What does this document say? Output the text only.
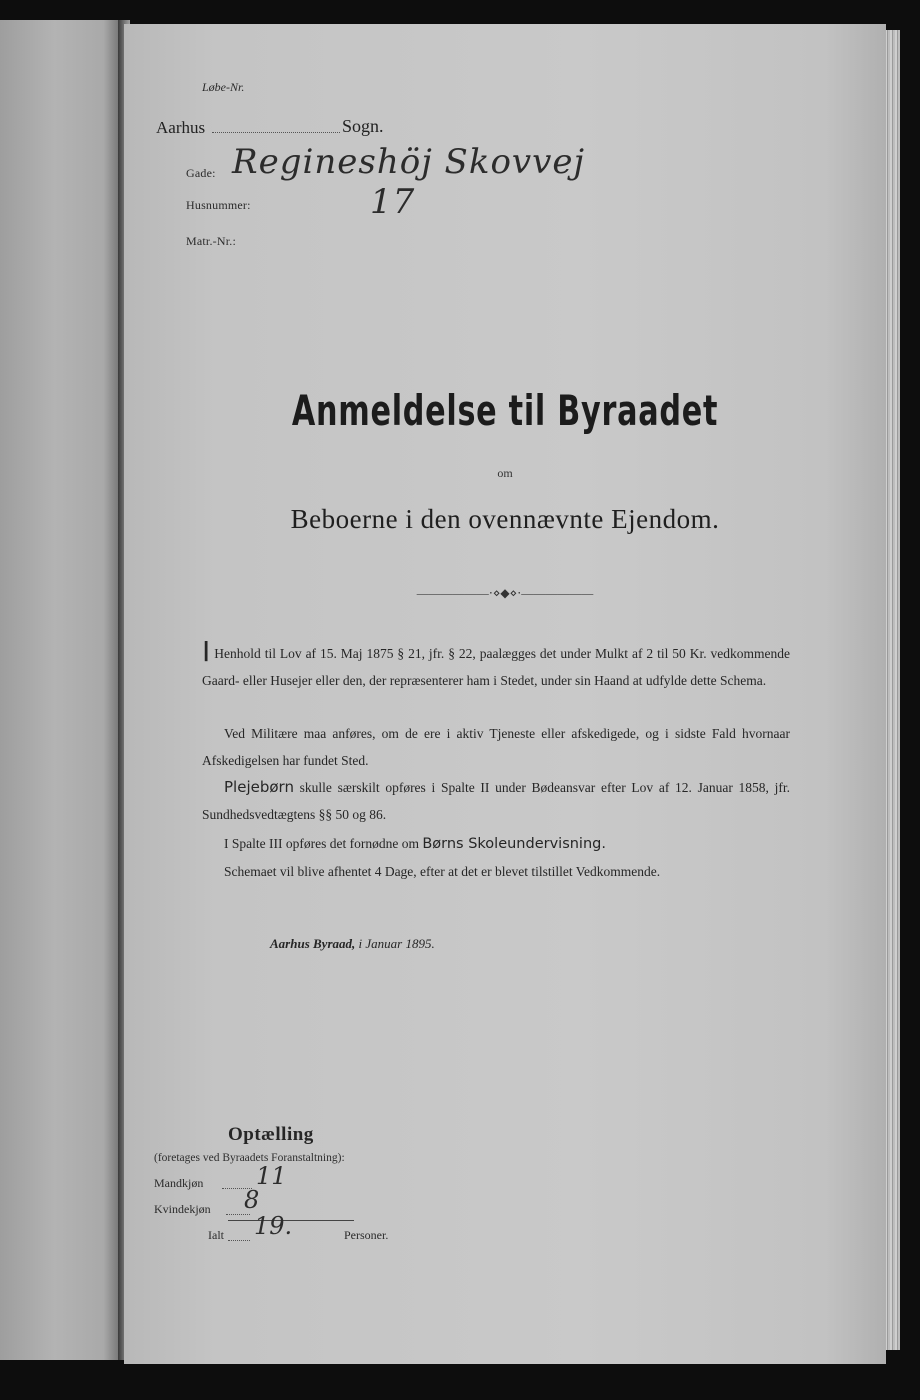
Løbe-Nr.
Aarhus	Sogn.
Gade: Regineshöj Skovvej
Husnummer:	17
Matr.-Nr.:
Anmeldelse til Byraadet
om
Beboerne i den ovennævnte Ejendom.
——————⋅⋄◆⋄⋅——————
I Henhold til Lov af 15. Maj 1875 § 21, jfr. § 22, paalægges det under Mulkt af 2 til 50 Kr. vedkommende Gaard- eller Husejer eller den, der repræsenterer ham i Stedet, under sin Haand at udfylde dette Schema.
Ved Militære maa anføres, om de ere i aktiv Tjeneste eller afskedigede, og i sidste Fald hvornaar Afskedigelsen har fundet Sted.
Plejebørn skulle særskilt opføres i Spalte II under Bødeansvar efter Lov af 12. Januar 1858, jfr. Sundhedsvedtægtens §§ 50 og 86.
I Spalte III opføres det fornødne om Børns Skoleundervisning.
Schemaet vil blive afhentet 4 Dage, efter at det er blevet tilstillet Vedkommende.
Aarhus Byraad, i Januar 1895.
Optælling
(foretages ved Byraadets Foranstaltning):
Mandkjøn 11
Kvindekjøn 8
Ialt 19.	Personer.
